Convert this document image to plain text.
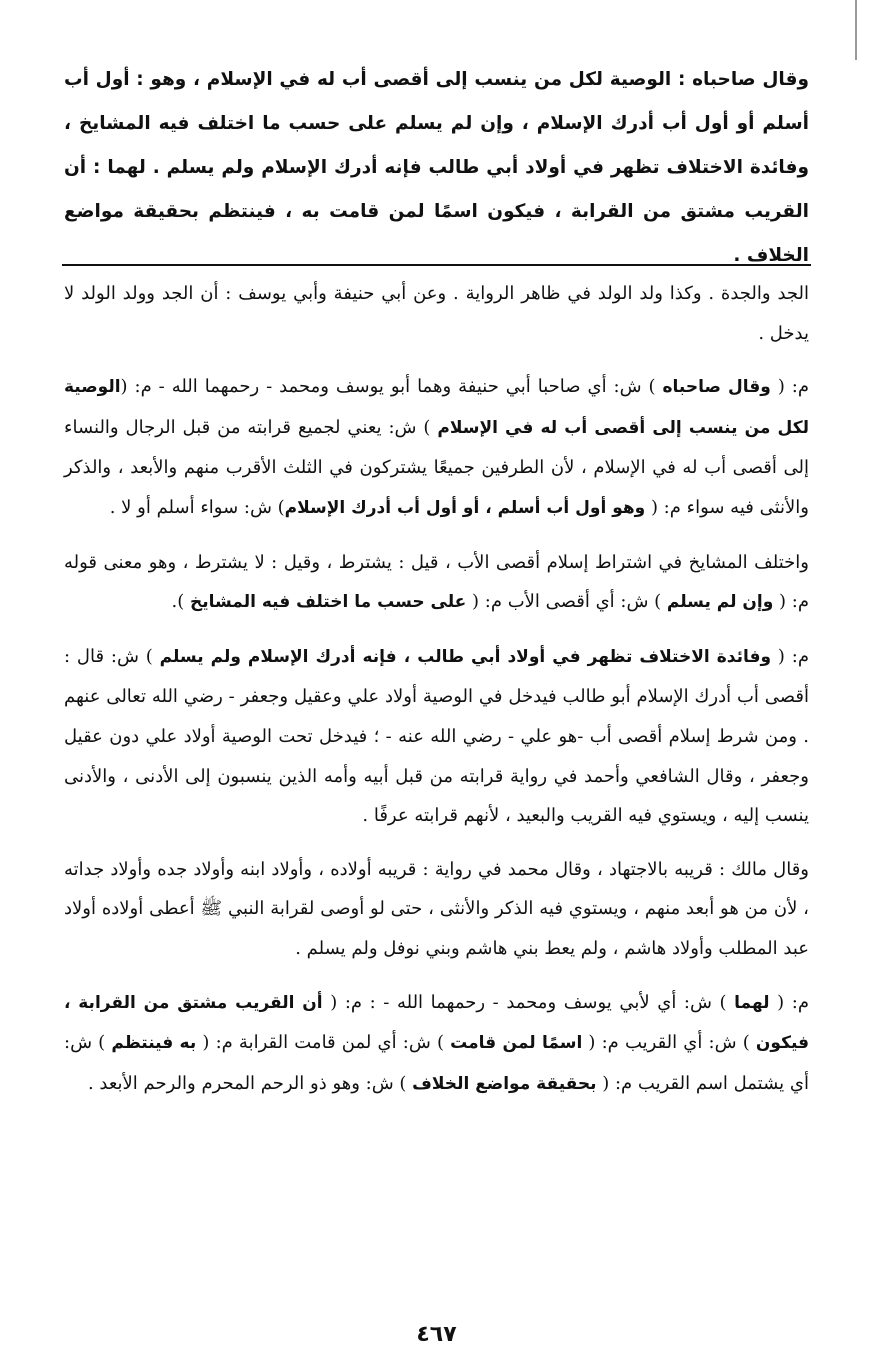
وقال صاحباه : الوصية لكل من ينسب إلى أقصى أب له في الإسلام ، وهو : أول أب أسلم أو أول أب أدرك الإسلام ، وإن لم يسلم على حسب ما اختلف فيه المشايخ ، وفائدة الاختلاف تظهر في أولاد أبي طالب فإنه أدرك الإسلام ولم يسلم . لهما : أن القريب مشتق من القرابة ، فيكون اسمًا لمن قامت به ، فينتظم بحقيقة مواضع الخلاف .

الجد والجدة . وكذا ولد الولد في ظاهر الرواية . وعن أبي حنيفة وأبي يوسف : أن الجد وولد الولد لا يدخل .

م: ( وقال صاحباه ) ش: أي صاحبا أبي حنيفة وهما أبو يوسف ومحمد - رحمهما الله - م: (الوصية لكل من ينسب إلى أقصى أب له في الإسلام ) ش: يعني لجميع قرابته من قبل الرجال والنساء إلى أقصى أب له في الإسلام ، لأن الطرفين جميعًا يشتركون في الثلث الأقرب منهم والأبعد ، والذكر والأنثى فيه سواء م: ( وهو أول أب أسلم ، أو أول أب أدرك الإسلام) ش: سواء أسلم أو لا .

واختلف المشايخ في اشتراط إسلام أقصى الأب ، قيل : يشترط ، وقيل : لا يشترط ، وهو معنى قوله م: ( وإن لم يسلم ) ش: أي أقصى الأب م: ( على حسب ما اختلف فيه المشايخ ).

م: ( وفائدة الاختلاف تظهر في أولاد أبي طالب ، فإنه أدرك الإسلام ولم يسلم ) ش: قال : أقصى أب أدرك الإسلام أبو طالب فيدخل في الوصية أولاد علي وعقيل وجعفر - رضي الله تعالى عنهم . ومن شرط إسلام أقصى أب -هو علي - رضي الله عنه - ؛ فيدخل تحت الوصية أولاد علي دون عقيل وجعفر ، وقال الشافعي وأحمد في رواية قرابته من قبل أبيه وأمه الذين ينسبون إلى الأدنى ، والأدنى ينسب إليه ، ويستوي فيه القريب والبعيد ، لأنهم قرابته عرفًا .

وقال مالك : قريبه بالاجتهاد ، وقال محمد في رواية : قريبه أولاده ، وأولاد ابنه وأولاد جده وأولاد جداته ، لأن من هو أبعد منهم ، ويستوي فيه الذكر والأنثى ، حتى لو أوصى لقرابة النبي ﷺ أعطى أولاده أولاد عبد المطلب وأولاد هاشم ، ولم يعط بني هاشم وبني نوفل ولم يسلم .

م: ( لهما ) ش: أي لأبي يوسف ومحمد - رحمهما الله - : م: ( أن القريب مشتق من القرابة ، فيكون ) ش: أي القريب م: ( اسمًا لمن قامت ) ش: أي لمن قامت القرابة م: ( به فينتظم ) ش: أي يشتمل اسم القريب م: ( بحقيقة مواضع الخلاف ) ش: وهو ذو الرحم المحرم والرحم الأبعد .

٤٦٧
